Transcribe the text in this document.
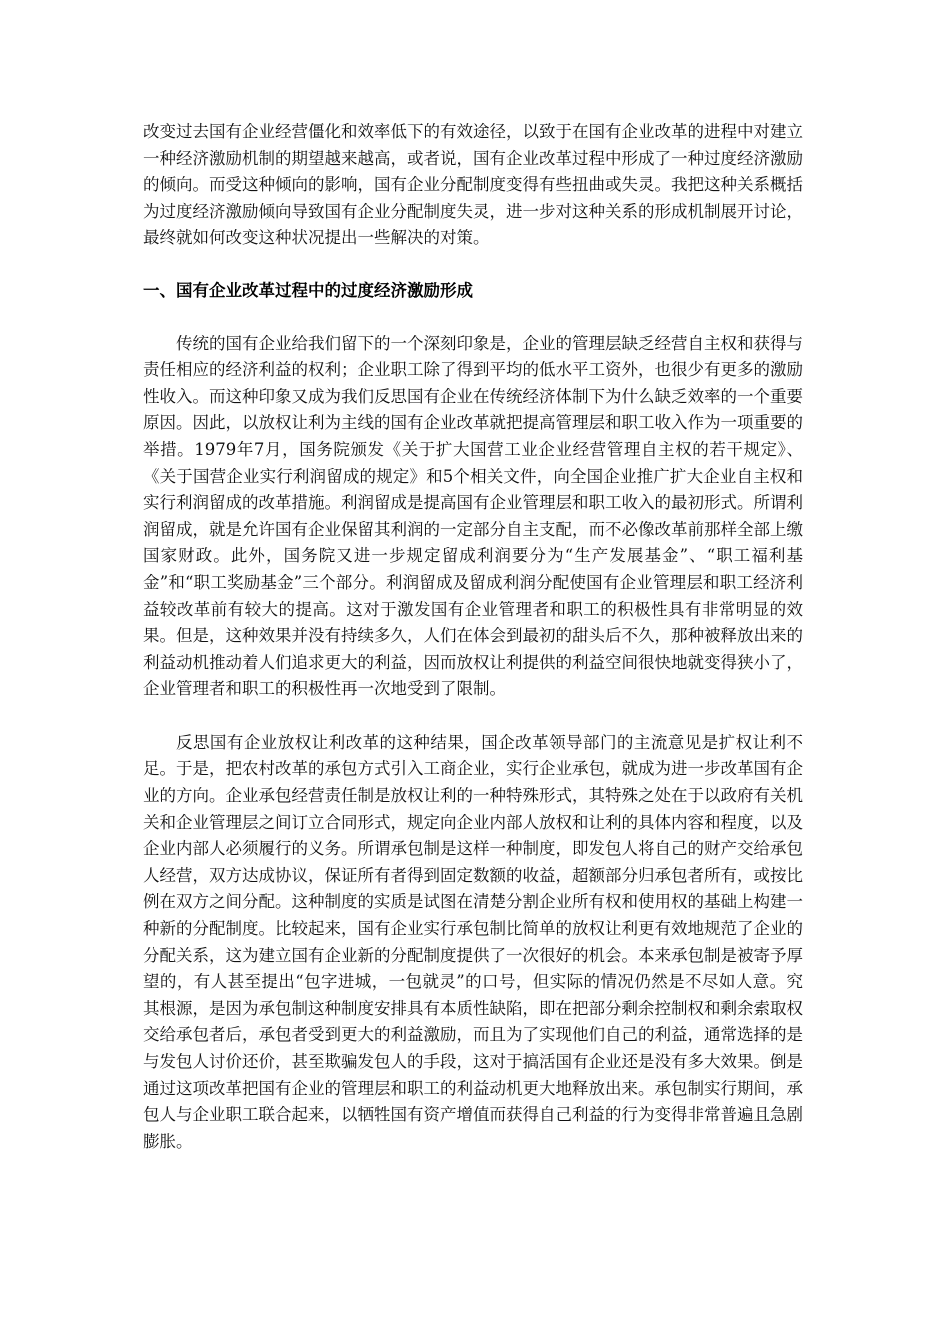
改变过去国有企业经营僵化和效率低下的有效途径，以致于在国有企业改革的进程中对建立一种经济激励机制的期望越来越高，或者说，国有企业改革过程中形成了一种过度经济激励的倾向。而受这种倾向的影响，国有企业分配制度变得有些扭曲或失灵。我把这种关系概括为过度经济激励倾向导致国有企业分配制度失灵，进一步对这种关系的形成机制展开讨论，最终就如何改变这种状况提出一些解决的对策。

一、国有企业改革过程中的过度经济激励形成

传统的国有企业给我们留下的一个深刻印象是，企业的管理层缺乏经营自主权和获得与责任相应的经济利益的权利；企业职工除了得到平均的低水平工资外，也很少有更多的激励性收入。而这种印象又成为我们反思国有企业在传统经济体制下为什么缺乏效率的一个重要原因。因此，以放权让利为主线的国有企业改革就把提高管理层和职工收入作为一项重要的举措。1979年7月，国务院颁发《关于扩大国营工业企业经营管理自主权的若干规定》、《关于国营企业实行利润留成的规定》和5个相关文件，向全国企业推广扩大企业自主权和实行利润留成的改革措施。利润留成是提高国有企业管理层和职工收入的最初形式。所谓利润留成，就是允许国有企业保留其利润的一定部分自主支配，而不必像改革前那样全部上缴国家财政。此外，国务院又进一步规定留成利润要分为“生产发展基金”、“职工福利基金”和“职工奖励基金”三个部分。利润留成及留成利润分配使国有企业管理层和职工经济利益较改革前有较大的提高。这对于激发国有企业管理者和职工的积极性具有非常明显的效果。但是，这种效果并没有持续多久，人们在体会到最初的甜头后不久，那种被释放出来的利益动机推动着人们追求更大的利益，因而放权让利提供的利益空间很快地就变得狭小了，企业管理者和职工的积极性再一次地受到了限制。

反思国有企业放权让利改革的这种结果，国企改革领导部门的主流意见是扩权让利不足。于是，把农村改革的承包方式引入工商企业，实行企业承包，就成为进一步改革国有企业的方向。企业承包经营责任制是放权让利的一种特殊形式，其特殊之处在于以政府有关机关和企业管理层之间订立合同形式，规定向企业内部人放权和让利的具体内容和程度，以及企业内部人必须履行的义务。所谓承包制是这样一种制度，即发包人将自己的财产交给承包人经营，双方达成协议，保证所有者得到固定数额的收益，超额部分归承包者所有，或按比例在双方之间分配。这种制度的实质是试图在清楚分割企业所有权和使用权的基础上构建一种新的分配制度。比较起来，国有企业实行承包制比简单的放权让利更有效地规范了企业的分配关系，这为建立国有企业新的分配制度提供了一次很好的机会。本来承包制是被寄予厚望的，有人甚至提出“包字进城，一包就灵”的口号，但实际的情况仍然是不尽如人意。究其根源，是因为承包制这种制度安排具有本质性缺陷，即在把部分剩余控制权和剩余索取权交给承包者后，承包者受到更大的利益激励，而且为了实现他们自己的利益，通常选择的是与发包人讨价还价，甚至欺骗发包人的手段，这对于搞活国有企业还是没有多大效果。倒是通过这项改革把国有企业的管理层和职工的利益动机更大地释放出来。承包制实行期间，承包人与企业职工联合起来，以牺牲国有资产增值而获得自己利益的行为变得非常普遍且急剧膨胀。
